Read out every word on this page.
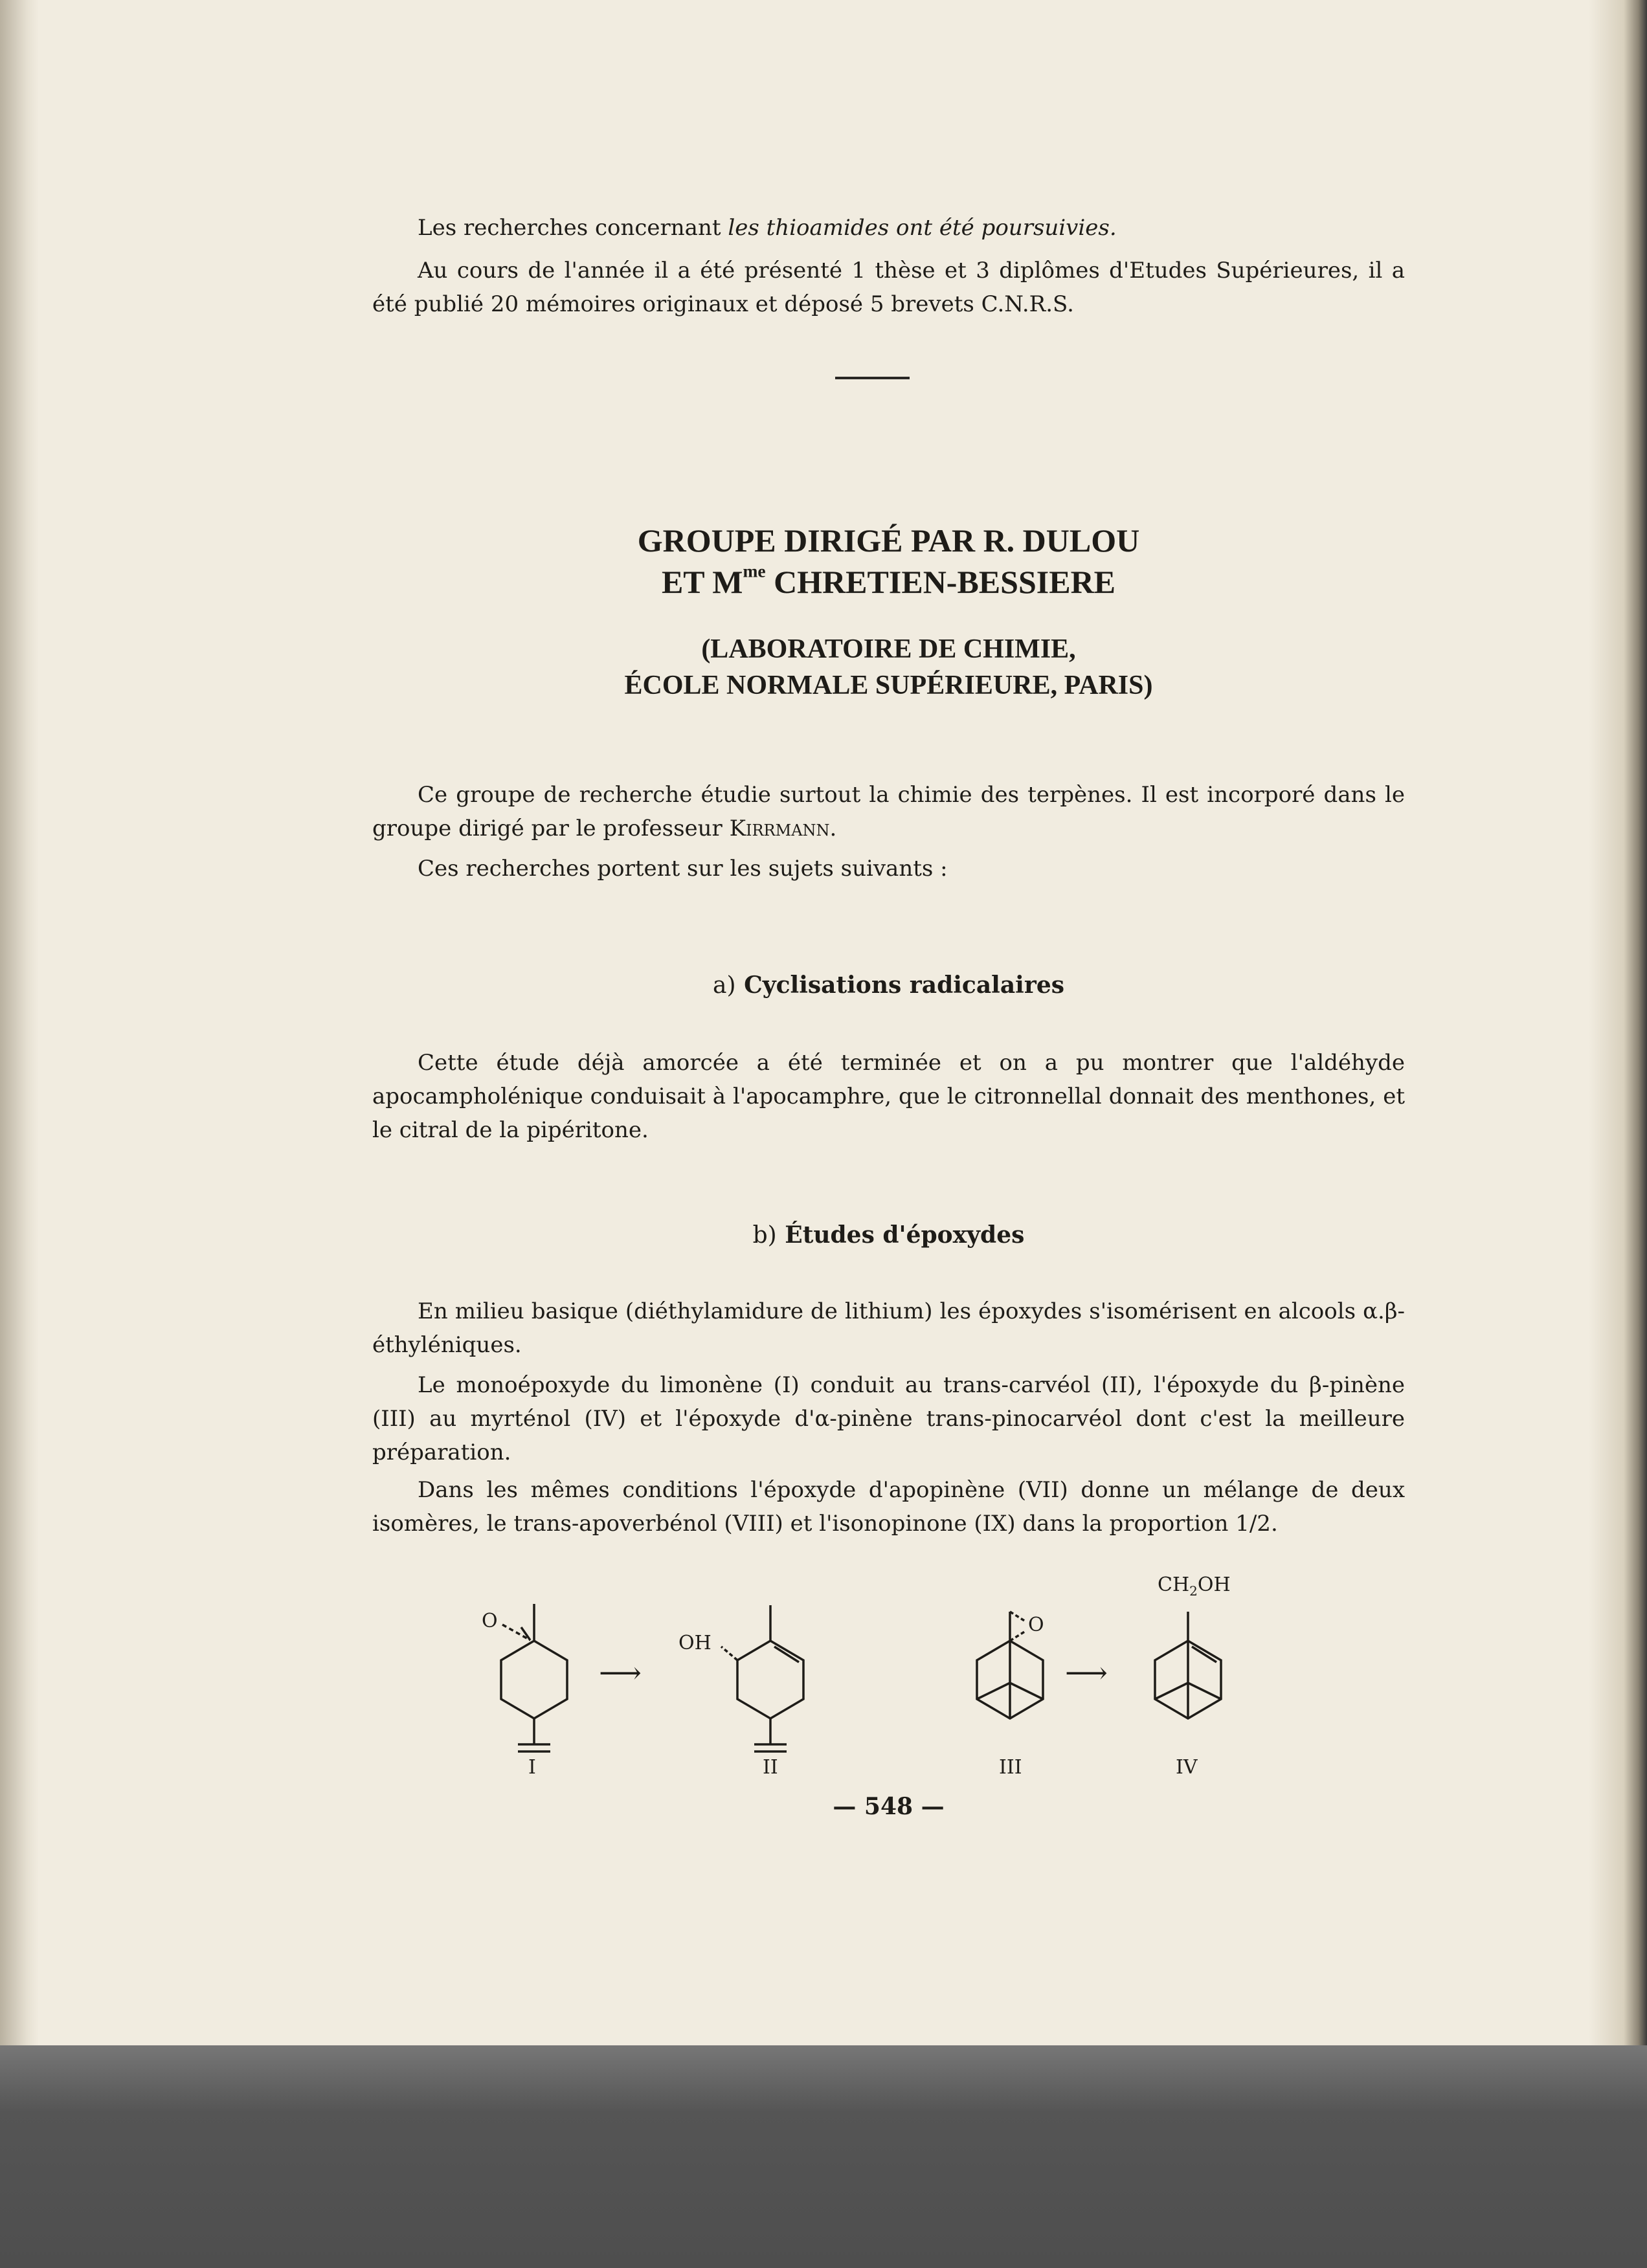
Les recherches concernant les thioamides ont été poursuivies.

Au cours de l'année il a été présenté 1 thèse et 3 diplômes d'Etudes Supérieures, il a été publié 20 mémoires originaux et déposé 5 brevets C.N.R.S.

GROUPE DIRIGÉ PAR R. DULOU
ET $M^{me}$ CHRETIEN-BESSIERE
(LABORATOIRE DE CHIMIE,
ÉCOLE NORMALE SUPÉRIEURE, PARIS)

Ce groupe de recherche étudie surtout la chimie des terpènes. Il est incorporé dans le groupe dirigé par le professeur Kirrmann.

Ces recherches portent sur les sujets suivants :

a) Cyclisations radicalaires

Cette étude déjà amorcée a été terminée et on a pu montrer que l'aldéhyde apocampholénique conduisait à l'apocamphre, que le citronnellal donnait des menthones, et le citral de la pipéritone.

b) Études d'époxydes

En milieu basique (diéthylamidure de lithium) les époxydes s'isomérisent en alcools α.β-éthyléniques.

Le monoépoxyde du limonène (I) conduit au trans-carvéol (II), l'époxyde du β-pinène (III) au myrténol (IV) et l'époxyde d'α-pinène trans-pinocarvéol dont c'est la meilleure préparation.

Dans les mêmes conditions l'époxyde d'apopinène (VII) donne un mélange de deux isomères, le trans-apoverbénol (VIII) et l'isonopinone (IX) dans la proportion 1/2.

O
OH
O
$CH_2OH$
⟶	⟶
I	II	III	IV
— 548 —
